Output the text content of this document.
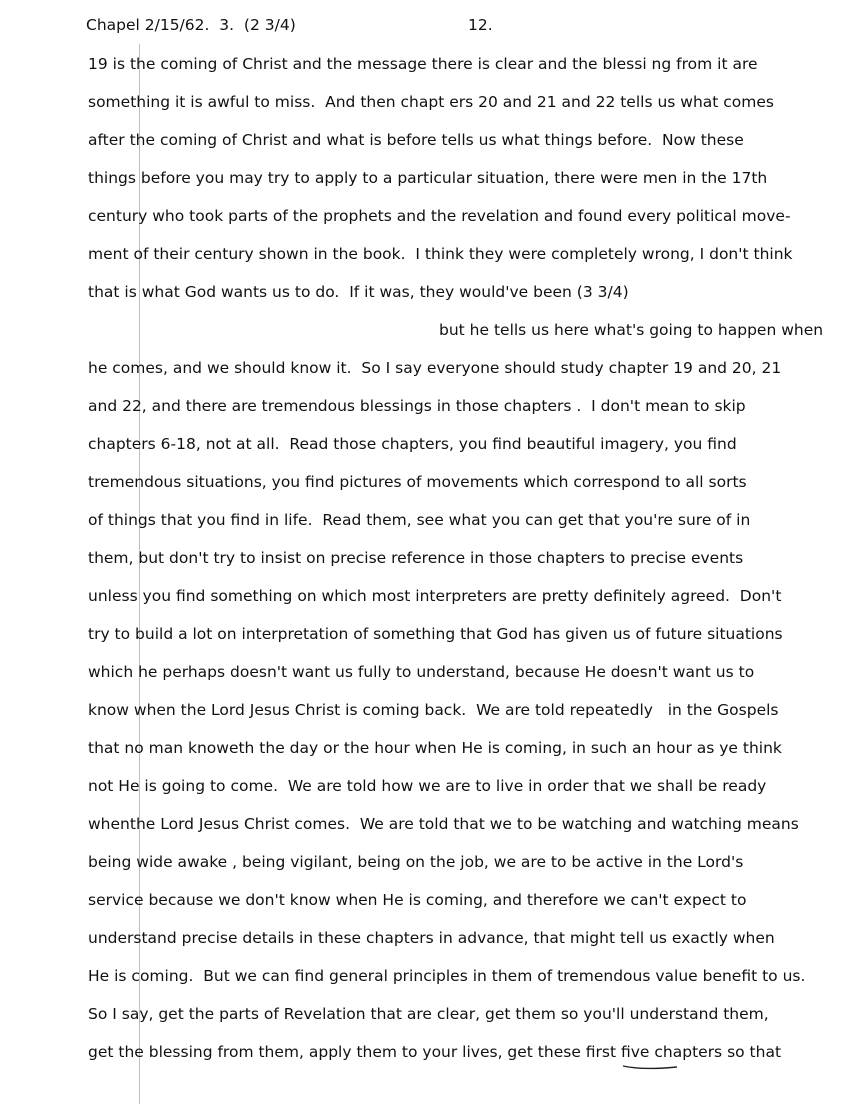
Chapel 2/15/62.  3.  (2 3/4)

	12.

19 is the coming of Christ and the message there is clear and the blessi ng from it are
something it is awful to miss.  And then chapt ers 20 and 21 and 22 tells us what comes
after the coming of Christ and what is before tells us what things before.  Now these
things before you may try to apply to a particular situation, there were men in the 17th
century who took parts of the prophets and the revelation and found every political move-
ment of their century shown in the book.  I think they were completely wrong, I don't think
that is what God wants us to do.  If it was, they would've been (3 3/4)
but he tells us here what's going to happen when
he comes, and we should know it.  So I say everyone should study chapter 19 and 20, 21
and 22, and there are tremendous blessings in those chapters .  I don't mean to skip
chapters 6-18, not at all.  Read those chapters, you find beautiful imagery, you find
tremendous situations, you find pictures of movements which correspond to all sorts
of things that you find in life.  Read them, see what you can get that you're sure of in
them, but don't try to insist on precise reference in those chapters to precise events
unless you find something on which most interpreters are pretty definitely agreed.  Don't
try to build a lot on interpretation of something that God has given us of future situations
which he perhaps doesn't want us fully to understand, because He doesn't want us to
know when the Lord Jesus Christ is coming back.  We are told repeatedly   in the Gospels
that no man knoweth the day or the hour when He is coming, in such an hour as ye think
not He is going to come.  We are told how we are to live in order that we shall be ready
whenthe Lord Jesus Christ comes.  We are told that we to be watching and watching means
being wide awake , being vigilant, being on the job, we are to be active in the Lord's
service because we don't know when He is coming, and therefore we can't expect to
understand precise details in these chapters in advance, that might tell us exactly when
He is coming.  But we can find general principles in them of tremendous value benefit to us.
So I say, get the parts of Revelation that are clear, get them so you'll understand them,
get the blessing from them, apply them to your lives, get these first five chapters so that
